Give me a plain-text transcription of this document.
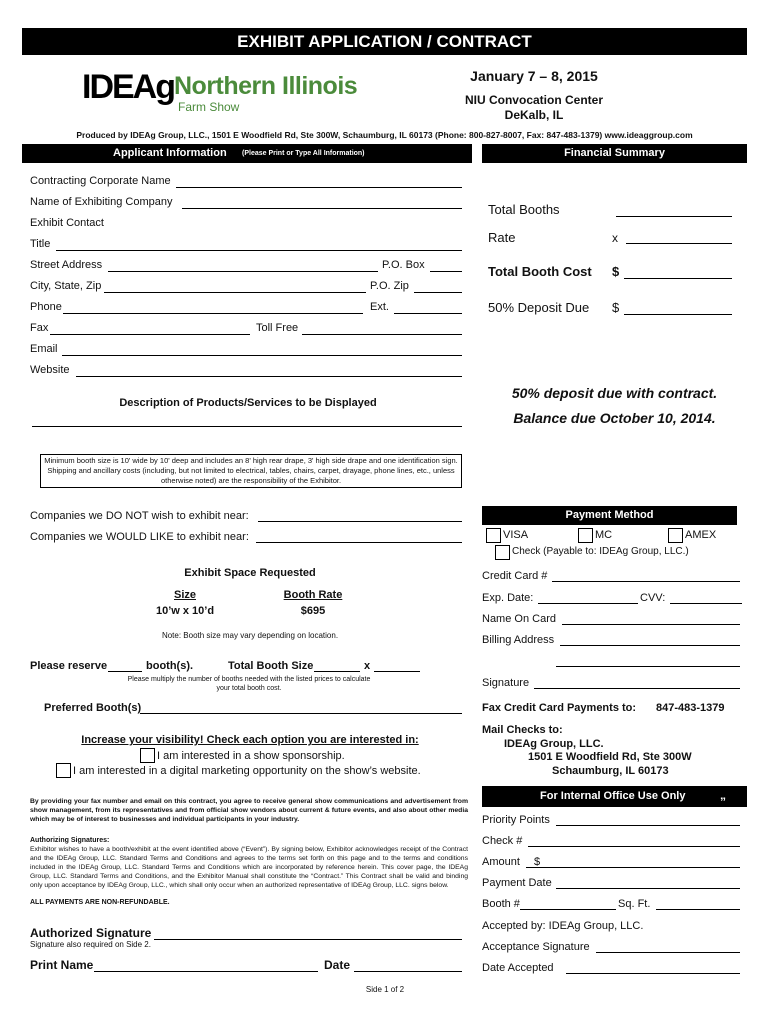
EXHIBIT APPLICATION / CONTRACT
IDEAg Northern Illinois
Farm Show
January 7 – 8, 2015
NIU Convocation Center
DeKalb, IL
Produced by IDEAg Group, LLC., 1501 E Woodfield Rd, Ste 300W, Schaumburg, IL 60173 (Phone: 800-827-8007, Fax: 847-483-1379) www.ideaggroup.com
Applicant Information (Please Print or Type All Information)	Financial Summary
Contracting Corporate Name
Name of Exhibiting Company
Exhibit Contact
Title
Street Address	P.O. Box
City, State, Zip	P.O. Zip
Phone	Ext.
Fax	Toll Free
Email
Website
Description of Products/Services to be Displayed
Minimum booth size is 10' wide by 10' deep and includes an 8' high rear drape, 3' high side drape and one identification sign. Shipping and ancillary costs (including, but not limited to electrical, tables, chairs, carpet, drayage, phone lines, etc., unless otherwise noted) are the responsibility of the Exhibitor.
Companies we DO NOT wish to exhibit near:
Companies we WOULD LIKE to exhibit near:
Exhibit Space Requested
Size	Booth Rate
10’w x 10’d	$695
Note: Booth size may vary depending on location.
Please reserve	booth(s).	Total Booth Size	x
Please multiply the number of booths needed with the listed prices to calculate your total booth cost.
Preferred Booth(s)
Increase your visibility! Check each option you are interested in:
I am interested in a show sponsorship.
I am interested in a digital marketing opportunity on the show’s website.
By providing your fax number and email on this contract, you agree to receive general show communications and advertisement from show management, from its representatives and from official show vendors about current & future events, and also about other media which may be of interest to businesses and individual participants in your industry.
Authorizing Signatures:
Exhibitor wishes to have a booth/exhibit at the event identified above (“Event”). By signing below, Exhibitor acknowledges receipt of the Contract and the IDEAg Group, LLC. Standard Terms and Conditions and agrees to the terms set forth on this page and to the terms and conditions included in the IDEAg Group, LLC. Standard Terms and Conditions which are incorporated by reference herein. This cover page, the IDEAg Group, LLC. Standard Terms and Conditions, and the Exhibitor Manual shall constitute the “Contract.” This Contract shall be valid and binding only upon acceptance by IDEAg Group, LLC., which shall only occur when an authorized representative of IDEAg Group, LLC. signs below.
ALL PAYMENTS ARE NON-REFUNDABLE.
Authorized Signature
Signature also required on Side 2.
Print Name	Date
Total Booths
Rate	x
Total Booth Cost $
50% Deposit Due $
50% deposit due with contract.
Balance due October 10, 2014.
Payment Method
VISA	MC	AMEX
Check (Payable to: IDEAg Group, LLC.)
Credit Card #
Exp. Date:	CVV:
Name On Card
Billing Address
Signature
Fax Credit Card Payments to: 847-483-1379
Mail Checks to:
IDEAg Group, LLC.
1501 E Woodfield Rd, Ste 300W
Schaumburg, IL 60173
For Internal Office Use Only	„
Priority Points
Check #
Amount $
Payment Date
Booth #	Sq. Ft.
Accepted by: IDEAg Group, LLC.
Acceptance Signature
Date Accepted
Side 1 of 2
